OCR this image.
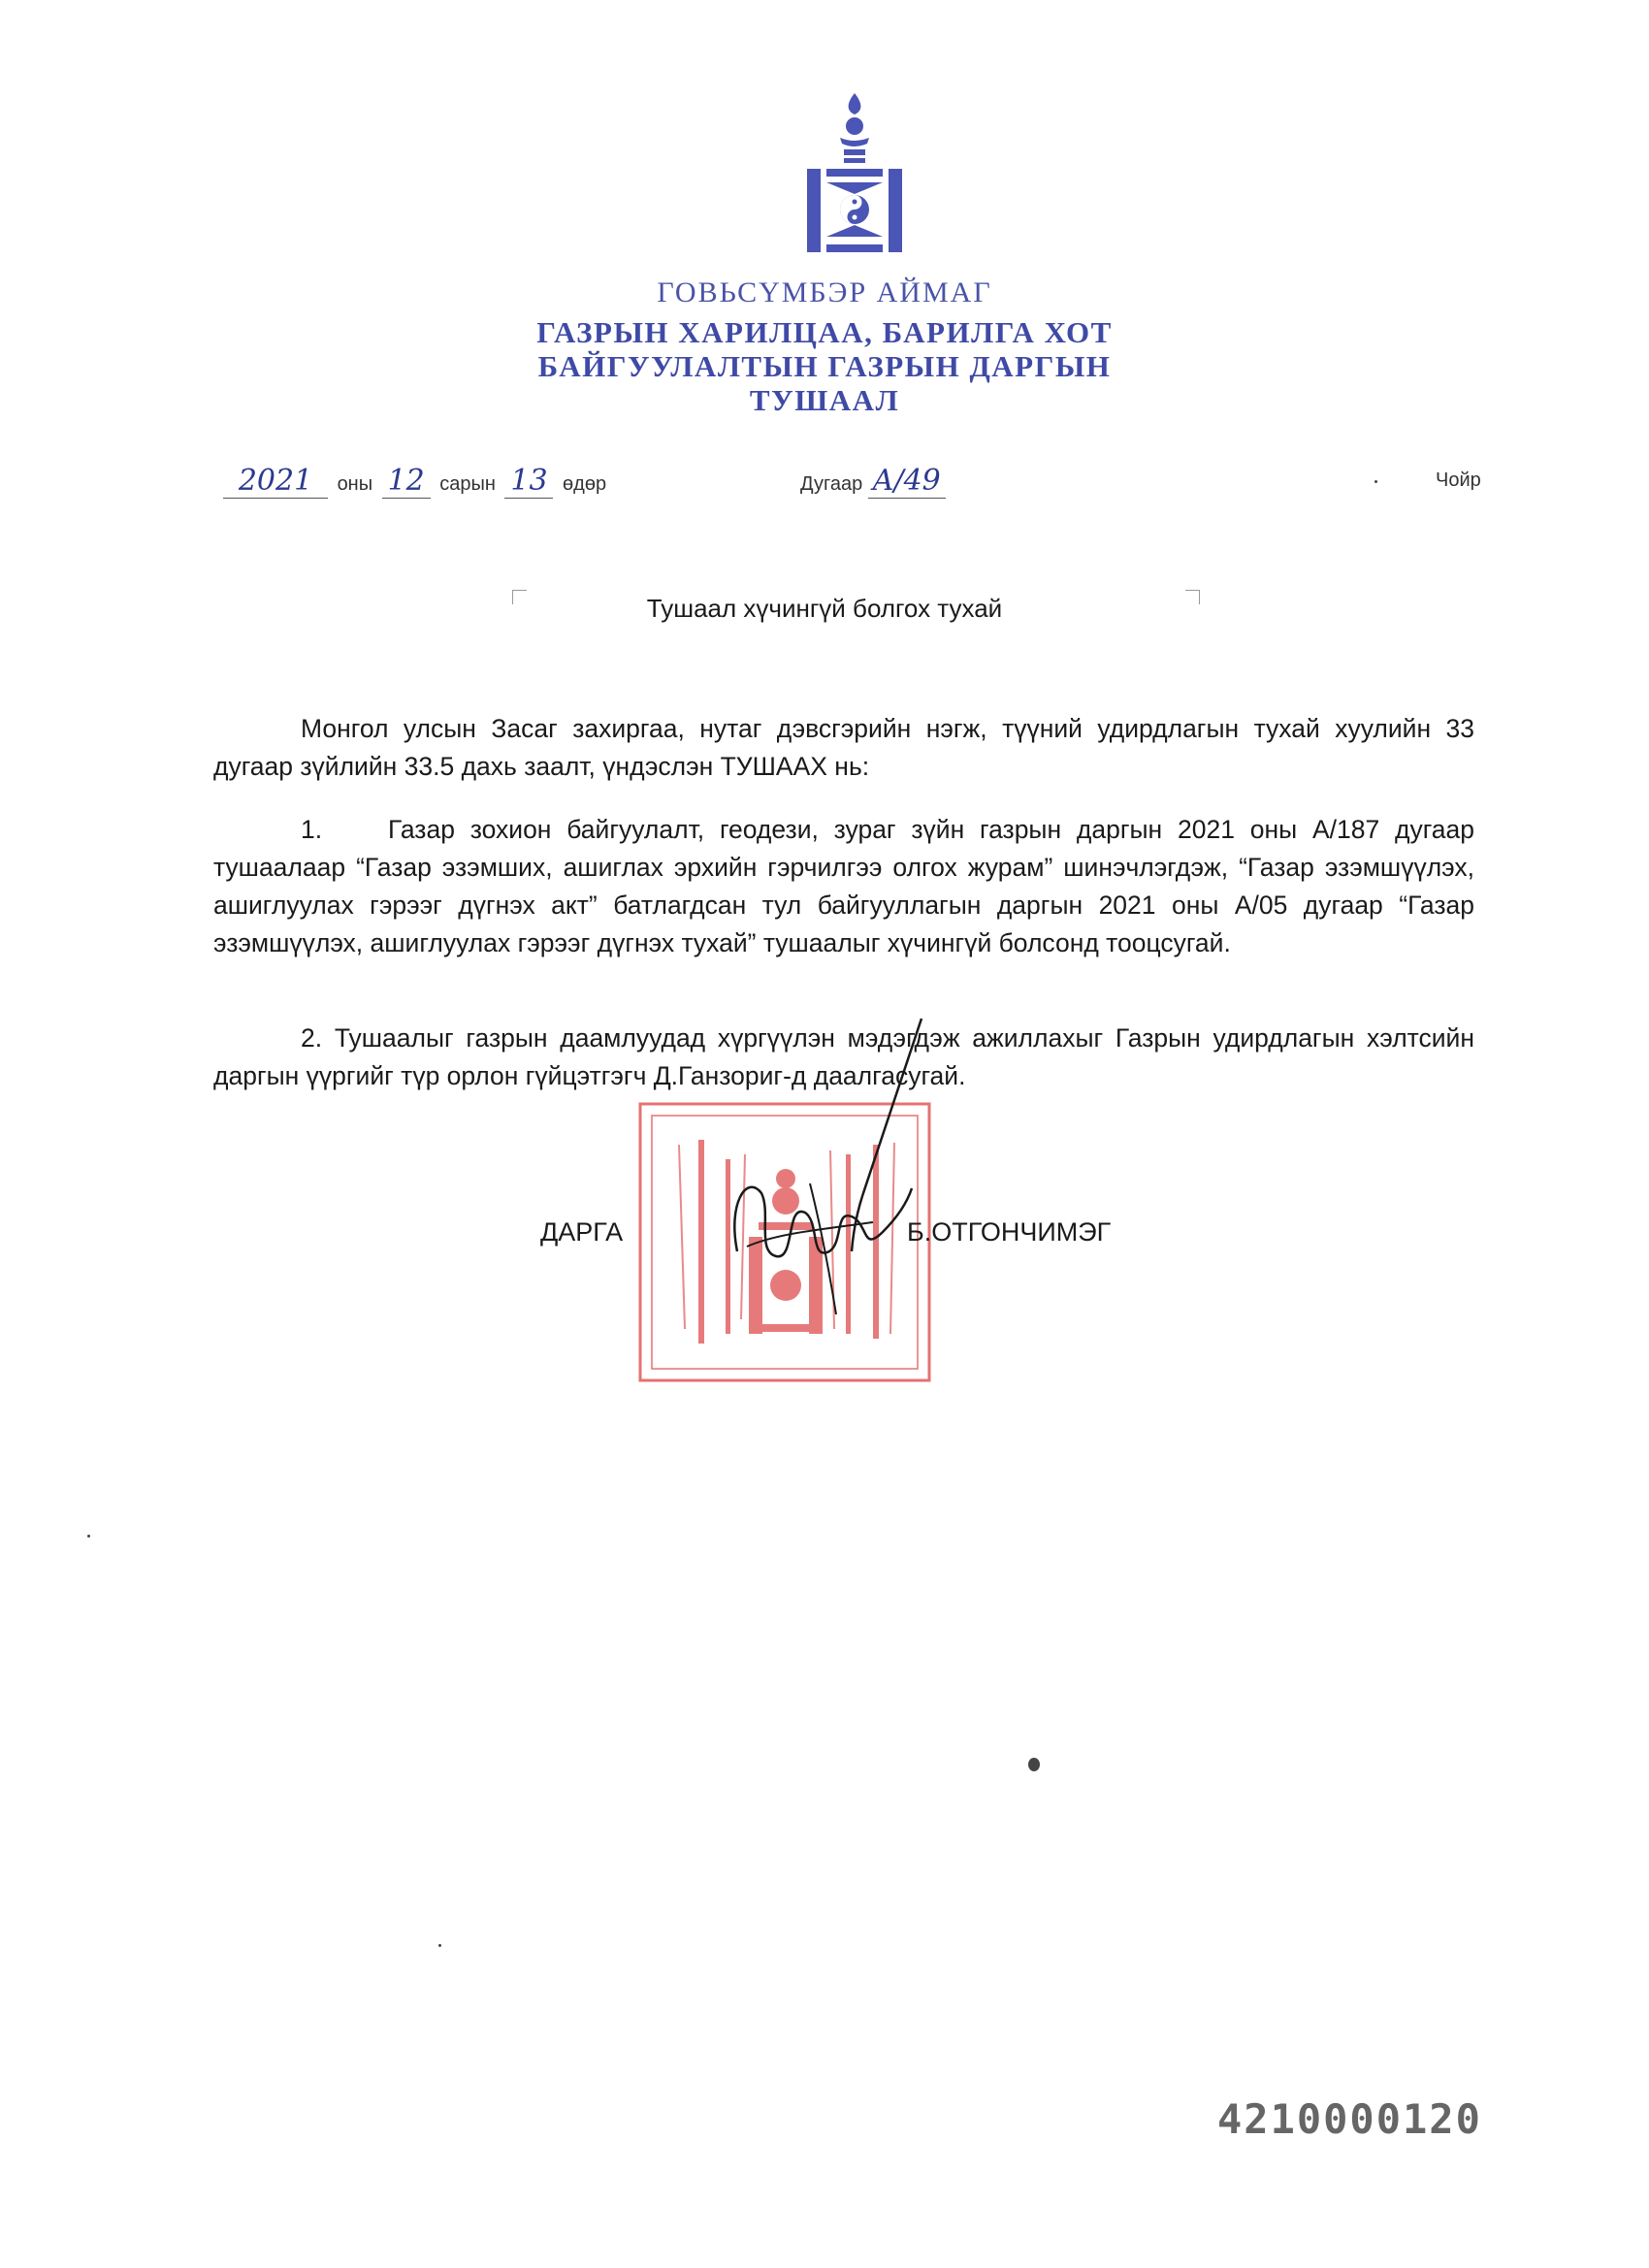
ГОВЬСҮМБЭР АЙМАГ
ГАЗРЫН ХАРИЛЦАА, БАРИЛГА ХОТ
БАЙГУУЛАЛТЫН ГАЗРЫН ДАРГЫН
ТУШААЛ
2021 оны 12 сарын 13 өдөр	Дугаар A/49	Чойр
Тушаал хүчингүй болгох тухай

Монгол улсын Засаг захиргаа, нутаг дэвсгэрийн нэгж, түүний удирдлагын тухай хуулийн 33 дугаар зүйлийн 33.5 дахь заалт, үндэслэн ТУШААХ нь:

1.	Газар зохион байгуулалт, геодези, зураг зүйн газрын даргын 2021 оны А/187 дугаар тушаалаар “Газар эзэмших, ашиглах эрхийн гэрчилгээ олгох журам” шинэчлэгдэж, “Газар эзэмшүүлэх, ашиглуулах гэрээг дүгнэх акт” батлагдсан тул байгууллагын даргын 2021 оны А/05 дугаар “Газар эзэмшүүлэх, ашиглуулах гэрээг дүгнэх тухай” тушаалыг хүчингүй болсонд тооцсугай.

2. Тушаалыг газрын даамлуудад хүргүүлэн мэдэгдэж ажиллахыг Газрын удирдлагын хэлтсийн даргын үүргийг түр орлон гүйцэтгэгч Д.Ганзориг-д даалгасугай.

ДАРГА	Б.ОТГОНЧИМЭГ
4210000120
